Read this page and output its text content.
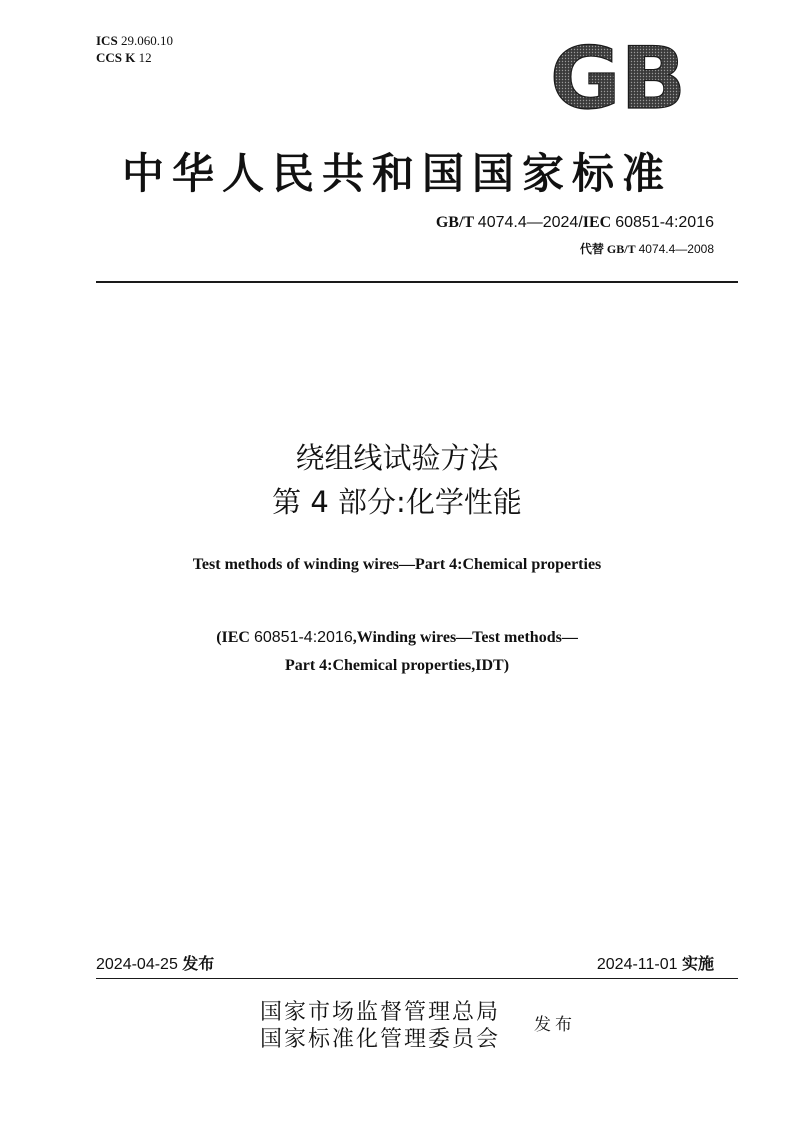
ICS 29.060.10
CCS K 12	GB
中华人民共和国国家标准
GB/T 4074.4—2024/IEC 60851-4:2016
代替 GB/T 4074.4—2008
绕组线试验方法
第 4 部分:化学性能
Test methods of winding wires—Part 4:Chemical properties
(IEC 60851-4:2016,Winding wires—Test methods—
Part 4:Chemical properties,IDT)
2024-04-25 发布	2024-11-01 实施
国家市场监督管理总局
国家标准化管理委员会
发布
